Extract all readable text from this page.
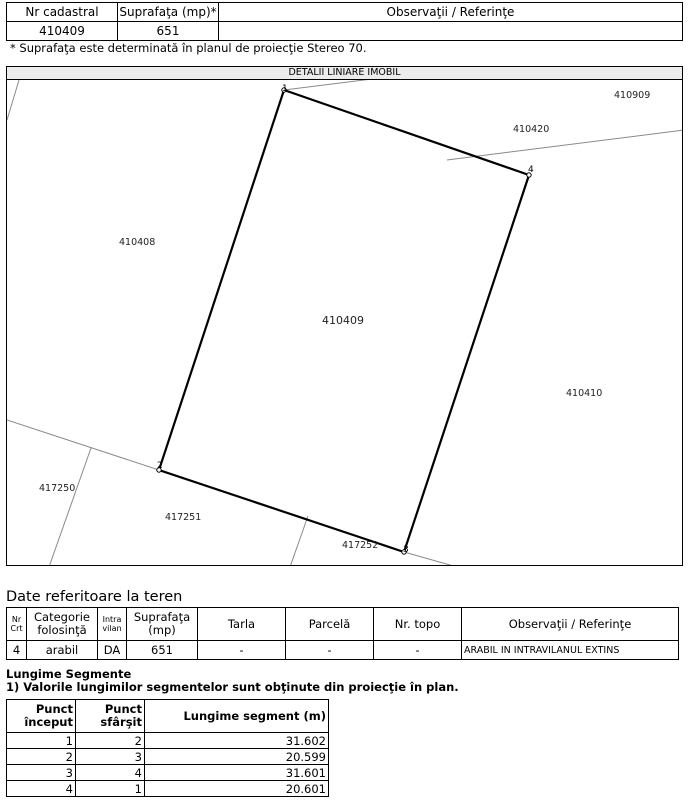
Nr cadastral	Suprafaţa (mp)*	Observaţii / Referinţe
410409	651	
* Suprafaţa este determinată în planul de proiecţie Stereo 70.
DETALII LINIARE IMOBIL
1
2
3
4
410409
410909
410420
410408
410410
417250
417251
417252
Date referitoare la teren
Nr Crt	Categorie folosinţă	Intra vilan	Suprafaţa (mp)	Tarla	Parcelă	Nr. topo	Observaţii / Referinţe
4	arabil	DA	651	-	-	-	ARABIL IN INTRAVILANUL EXTINS
Lungime Segmente
1) Valorile lungimilor segmentelor sunt obţinute din proiecţie în plan.
Punct început	Punct sfârşit	Lungime segment (m)
1	2	31.602
2	3	20.599
3	4	31.601
4	1	20.601
